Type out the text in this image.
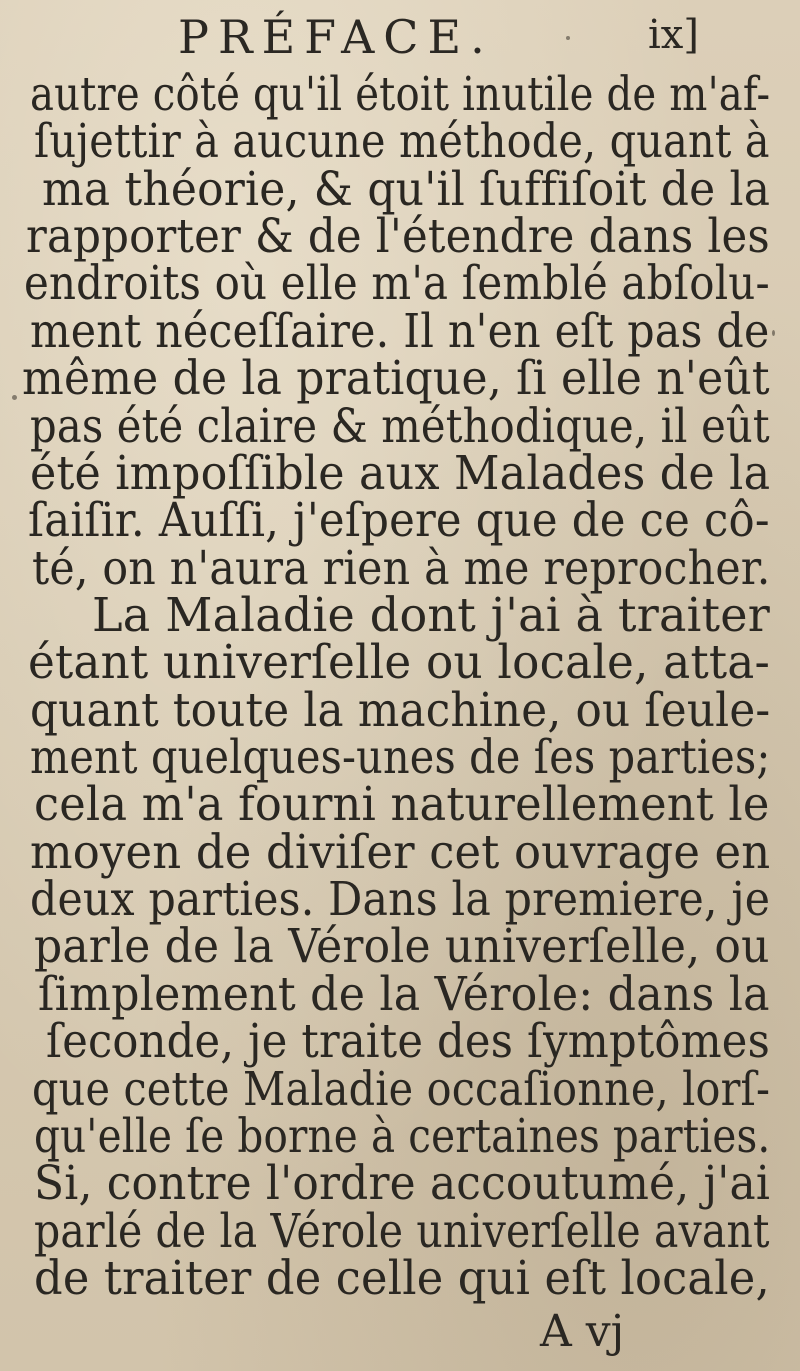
PRÉFACE.	ix]
autre côté qu'il étoit inutile de m'af-
ſujettir à aucune méthode, quant à
ma théorie, & qu'il ſuffiſoit de la
rapporter & de l'étendre dans les
endroits où elle m'a ſemblé abſolu-
ment néceſſaire. Il n'en eſt pas de
même de la pratique, ſi elle n'eût
pas été claire & méthodique, il eût
été impoſſible aux Malades de la
ſaiſir. Auſſi, j'eſpere que de ce cô-
té, on n'aura rien à me reprocher.
La Maladie dont j'ai à traiter
étant univerſelle ou locale, atta-
quant toute la machine, ou ſeule-
ment quelques-unes de ſes parties;
cela m'a fourni naturellement le
moyen de diviſer cet ouvrage en
deux parties. Dans la premiere, je
parle de la Vérole univerſelle, ou
ſimplement de la Vérole: dans la
ſeconde, je traite des ſymptômes
que cette Maladie occaſionne, lorſ-
qu'elle ſe borne à certaines parties.
Si, contre l'ordre accoutumé, j'ai
parlé de la Vérole univerſelle avant
de traiter de celle qui eſt locale,
A vj
